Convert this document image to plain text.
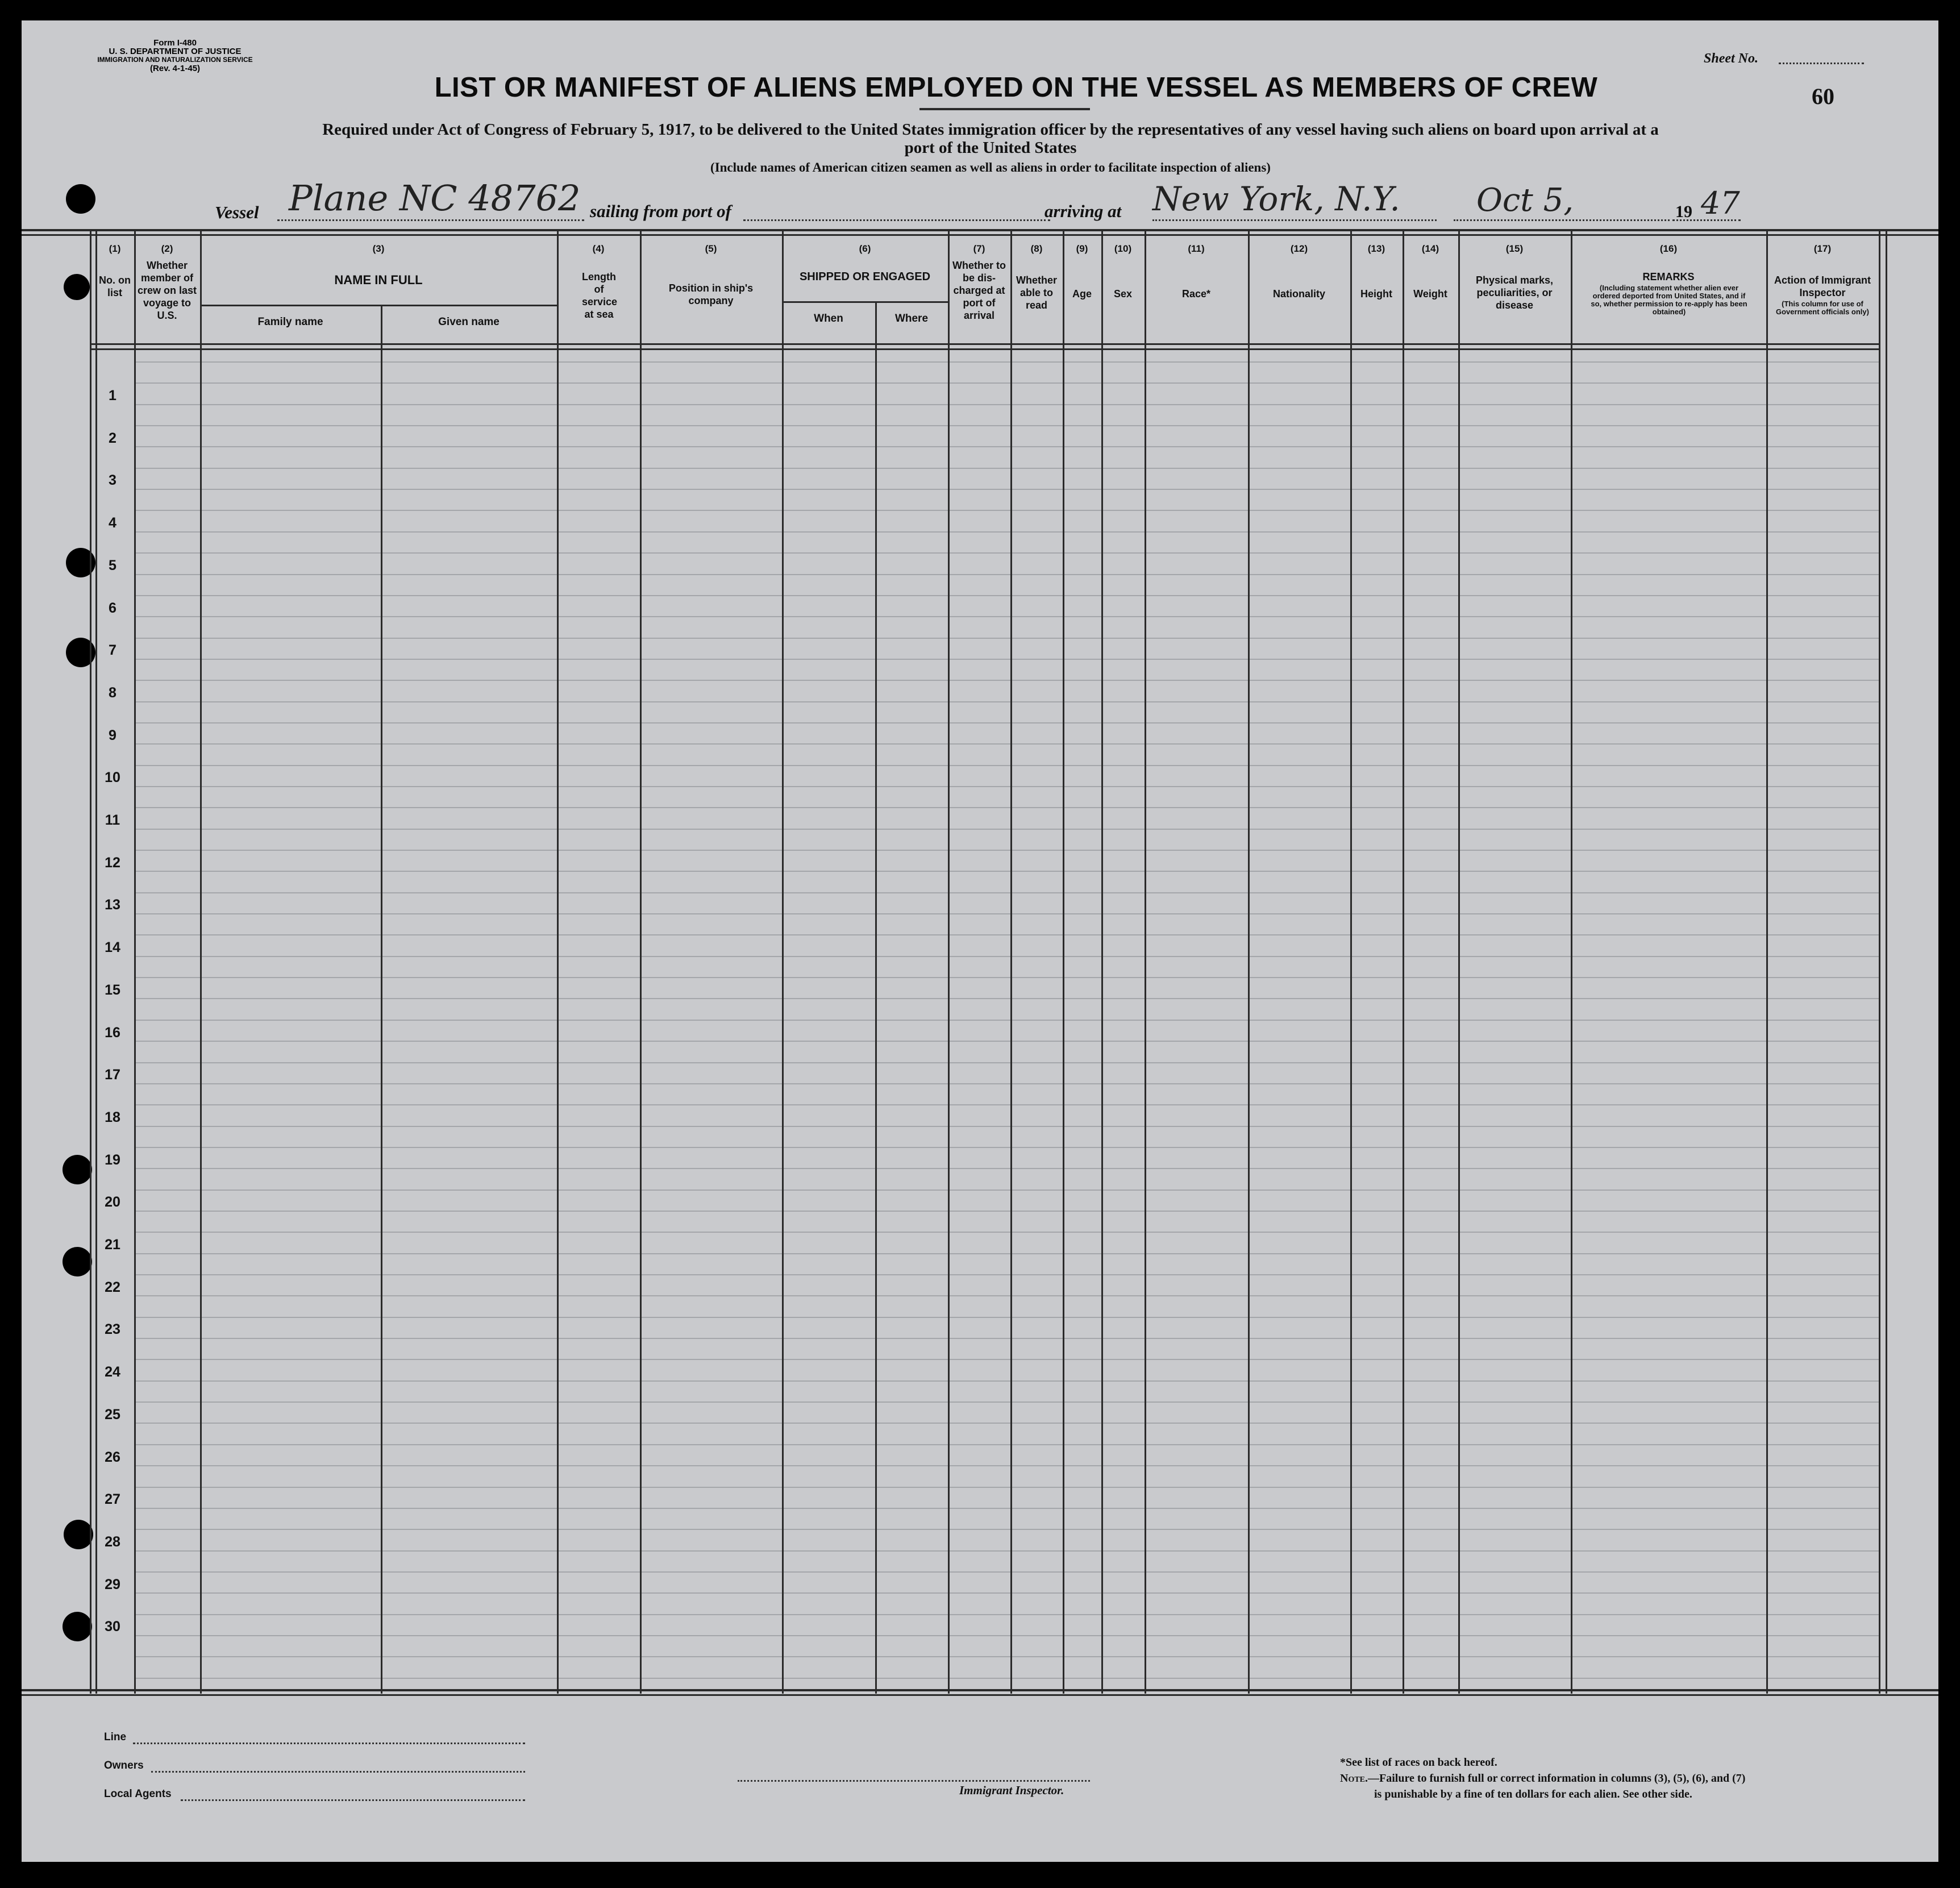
Form I-480
U. S. DEPARTMENT OF JUSTICE
IMMIGRATION AND NATURALIZATION SERVICE
(Rev. 4-1-45)
Sheet No.
60
LIST OR MANIFEST OF ALIENS EMPLOYED ON THE VESSEL AS MEMBERS OF CREW
Required under Act of Congress of February 5, 1917, to be delivered to the United States immigration officer by the representatives of any vessel having such aliens on board upon arrival at a
port of the United States
(Include names of American citizen seamen as well as aliens in order to facilitate inspection of aliens)
Vessel Plane NC 48762 sailing from port of	arriving at New York, N.Y. Oct 5,	19 47
(1)	(2)	(3)	(4)	(5)	(6)	(7)	(8)	(9)	(10)	(11)	(12)	(13)	(14)	(15)	(16)	(17)
No. on list
Whether member of crew on last voyage to U.S.
NAME IN FULL
Family name	Given name
Length of service at sea
Position in ship's company
SHIPPED OR ENGAGED
When	Where
Whether to be dis-charged at port of arrival
Whether able to read
Age	Sex	Race*	Nationality	Height	Weight
Physical marks, peculiarities, or disease
REMARKS
(Including statement whether alien ever ordered deported from United States, and if so, whether permission to re-apply has been obtained)
Action of Immigrant Inspector
(This column for use of Government officials only)
1
2
3
4
5
6
7
8
9
10
11
12
13
14
15
16
17
18
19
20
21
22
23
24
25
26
27
28
29
30
Line
Owners
Local Agents	Immigrant Inspector.
*See list of races on back hereof.
Note.—Failure to furnish full or correct information in columns (3), (5), (6), and (7)
is punishable by a fine of ten dollars for each alien. See other side.
